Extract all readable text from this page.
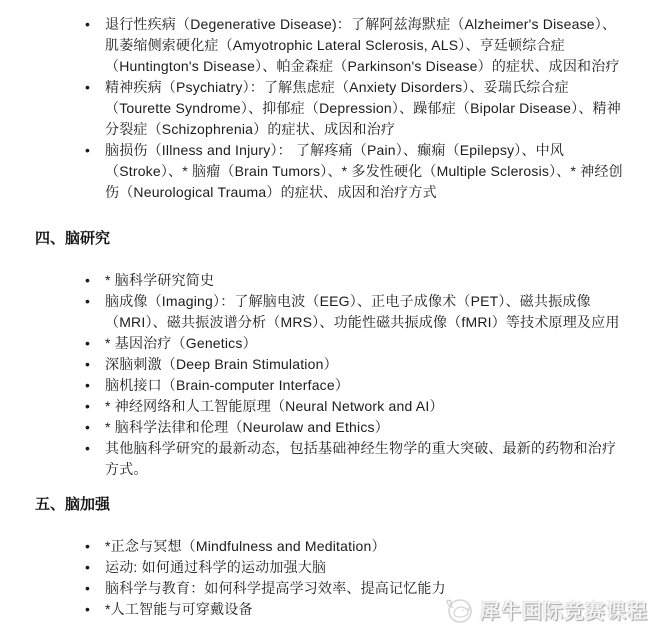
• 退行性疾病（Degenerative Disease)：了解阿兹海默症（Alzheimer's Disease）、肌萎缩侧索硬化症（Amyotrophic Lateral Sclerosis, ALS）、亨廷顿综合症（Huntington's Disease）、帕金森症（Parkinson's Disease）的症状、成因和治疗
• 精神疾病（Psychiatry）：了解焦虑症（Anxiety Disorders）、妥瑞氏综合症（Tourette Syndrome）、抑郁症（Depression）、躁郁症（Bipolar Disease）、精神分裂症（Schizophrenia）的症状、成因和治疗
• 脑损伤（Illness and Injury）： 了解疼痛（Pain）、癫痫（Epilepsy）、中风（Stroke）、* 脑瘤（Brain Tumors）、* 多发性硬化（Multiple Sclerosis）、* 神经创伤（Neurological Trauma）的症状、成因和治疗方式
四、脑研究
• * 脑科学研究简史
• 脑成像（Imaging）：了解脑电波（EEG）、正电子成像术（PET）、磁共振成像（MRI）、磁共振波谱分析（MRS）、功能性磁共振成像（fMRI）等技术原理及应用
• * 基因治疗（Genetics）
• 深脑刺激（Deep Brain Stimulation）
• 脑机接口（Brain-computer Interface）
• * 神经网络和人工智能原理（Neural Network and AI）
• * 脑科学法律和伦理（Neurolaw and Ethics）
• 其他脑科学研究的最新动态，包括基础神经生物学的重大突破、最新的药物和治疗方式。
五、脑加强
• *正念与冥想（Mindfulness and Meditation）
• 运动: 如何通过科学的运动加强大脑
• 脑科学与教育：如何科学提高学习效率、提高记忆能力
• *人工智能与可穿戴设备	犀牛国际竞赛课程
